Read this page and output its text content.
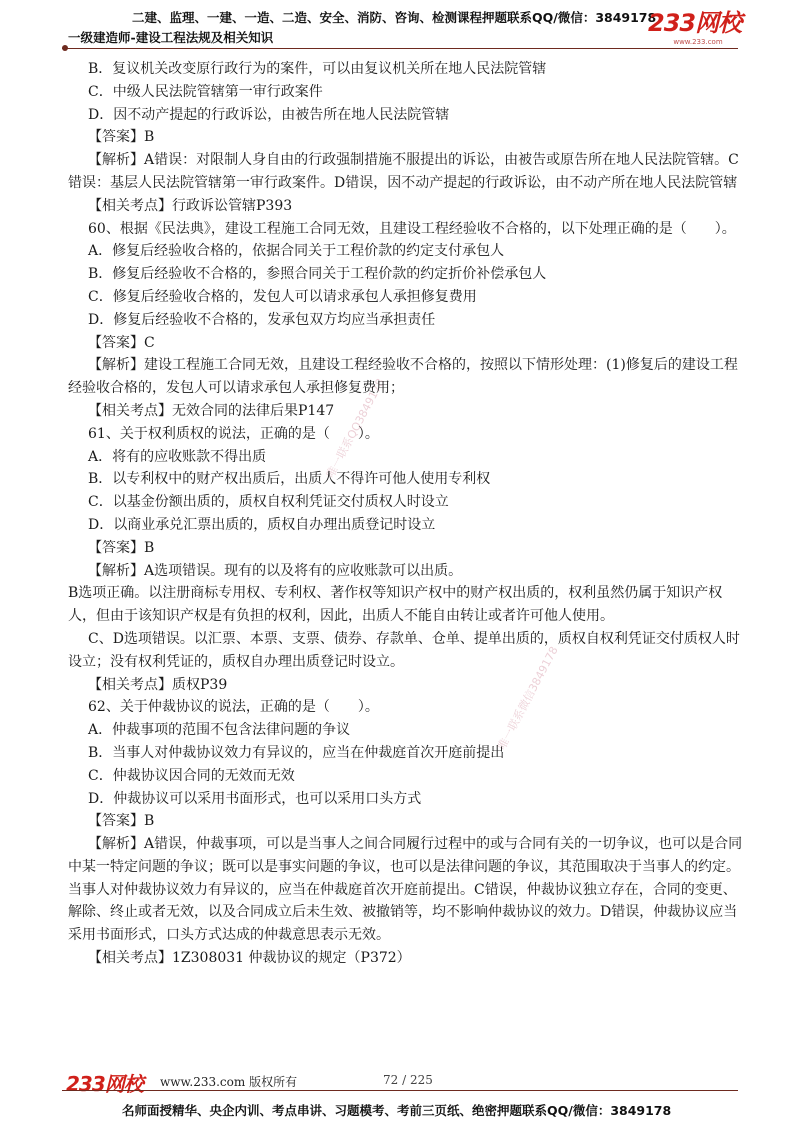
二建、监理、一建、一造、二造、安全、消防、咨询、检测课程押题联系QQ/微信：3849178
一级建造师-建设工程法规及相关知识
233网校
www.233.com
唯一联系QQ3849178
唯一联系微信3849178

B．复议机关改变原行政行为的案件，可以由复议机关所在地人民法院管辖

C．中级人民法院管辖第一审行政案件

D．因不动产提起的行政诉讼，由被告所在地人民法院管辖

【答案】B

【解析】A错误：对限制人身自由的行政强制措施不服提出的诉讼，由被告或原告所在地人民法院管辖。C错误：基层人民法院管辖第一审行政案件。D错误，因不动产提起的行政诉讼，由不动产所在地人民法院管辖

【相关考点】行政诉讼管辖P393

60、根据《民法典》，建设工程施工合同无效，且建设工程经验收不合格的，以下处理正确的是（　　）。

A．修复后经验收合格的，依据合同关于工程价款的约定支付承包人

B．修复后经验收不合格的，参照合同关于工程价款的约定折价补偿承包人

C．修复后经验收合格的，发包人可以请求承包人承担修复费用

D．修复后经验收不合格的，发承包双方均应当承担责任

【答案】C

【解析】建设工程施工合同无效，且建设工程经验收不合格的，按照以下情形处理：(1)修复后的建设工程经验收合格的，发包人可以请求承包人承担修复费用；

【相关考点】无效合同的法律后果P147

61、关于权利质权的说法，正确的是（　　）。

A．将有的应收账款不得出质

B．以专利权中的财产权出质后，出质人不得许可他人使用专利权

C．以基金份额出质的，质权自权利凭证交付质权人时设立

D．以商业承兑汇票出质的，质权自办理出质登记时设立

【答案】B

【解析】A选项错误。现有的以及将有的应收账款可以出质。

B选项正确。以注册商标专用权、专利权、著作权等知识产权中的财产权出质的，权利虽然仍属于知识产权人，但由于该知识产权是有负担的权利，因此，出质人不能自由转让或者许可他人使用。

C、D选项错误。以汇票、本票、支票、债券、存款单、仓单、提单出质的，质权自权利凭证交付质权人时设立；没有权利凭证的，质权自办理出质登记时设立。

【相关考点】质权P39

62、关于仲裁协议的说法，正确的是（　　）。

A．仲裁事项的范围不包含法律问题的争议

B．当事人对仲裁协议效力有异议的，应当在仲裁庭首次开庭前提出

C．仲裁协议因合同的无效而无效

D．仲裁协议可以采用书面形式，也可以采用口头方式

【答案】B

【解析】A错误，仲裁事项，可以是当事人之间合同履行过程中的或与合同有关的一切争议，也可以是合同中某一特定问题的争议；既可以是事实问题的争议，也可以是法律问题的争议，其范围取决于当事人的约定。当事人对仲裁协议效力有异议的，应当在仲裁庭首次开庭前提出。C错误，仲裁协议独立存在，合同的变更、解除、终止或者无效，以及合同成立后未生效、被撤销等，均不影响仲裁协议的效力。D错误，仲裁协议应当采用书面形式，口头方式达成的仲裁意思表示无效。

【相关考点】1Z308031 仲裁协议的规定（P372）

233网校 www.233.com 版权所有	72 / 225
名师面授精华、央企内训、考点串讲、习题模考、考前三页纸、绝密押题联系QQ/微信：3849178
